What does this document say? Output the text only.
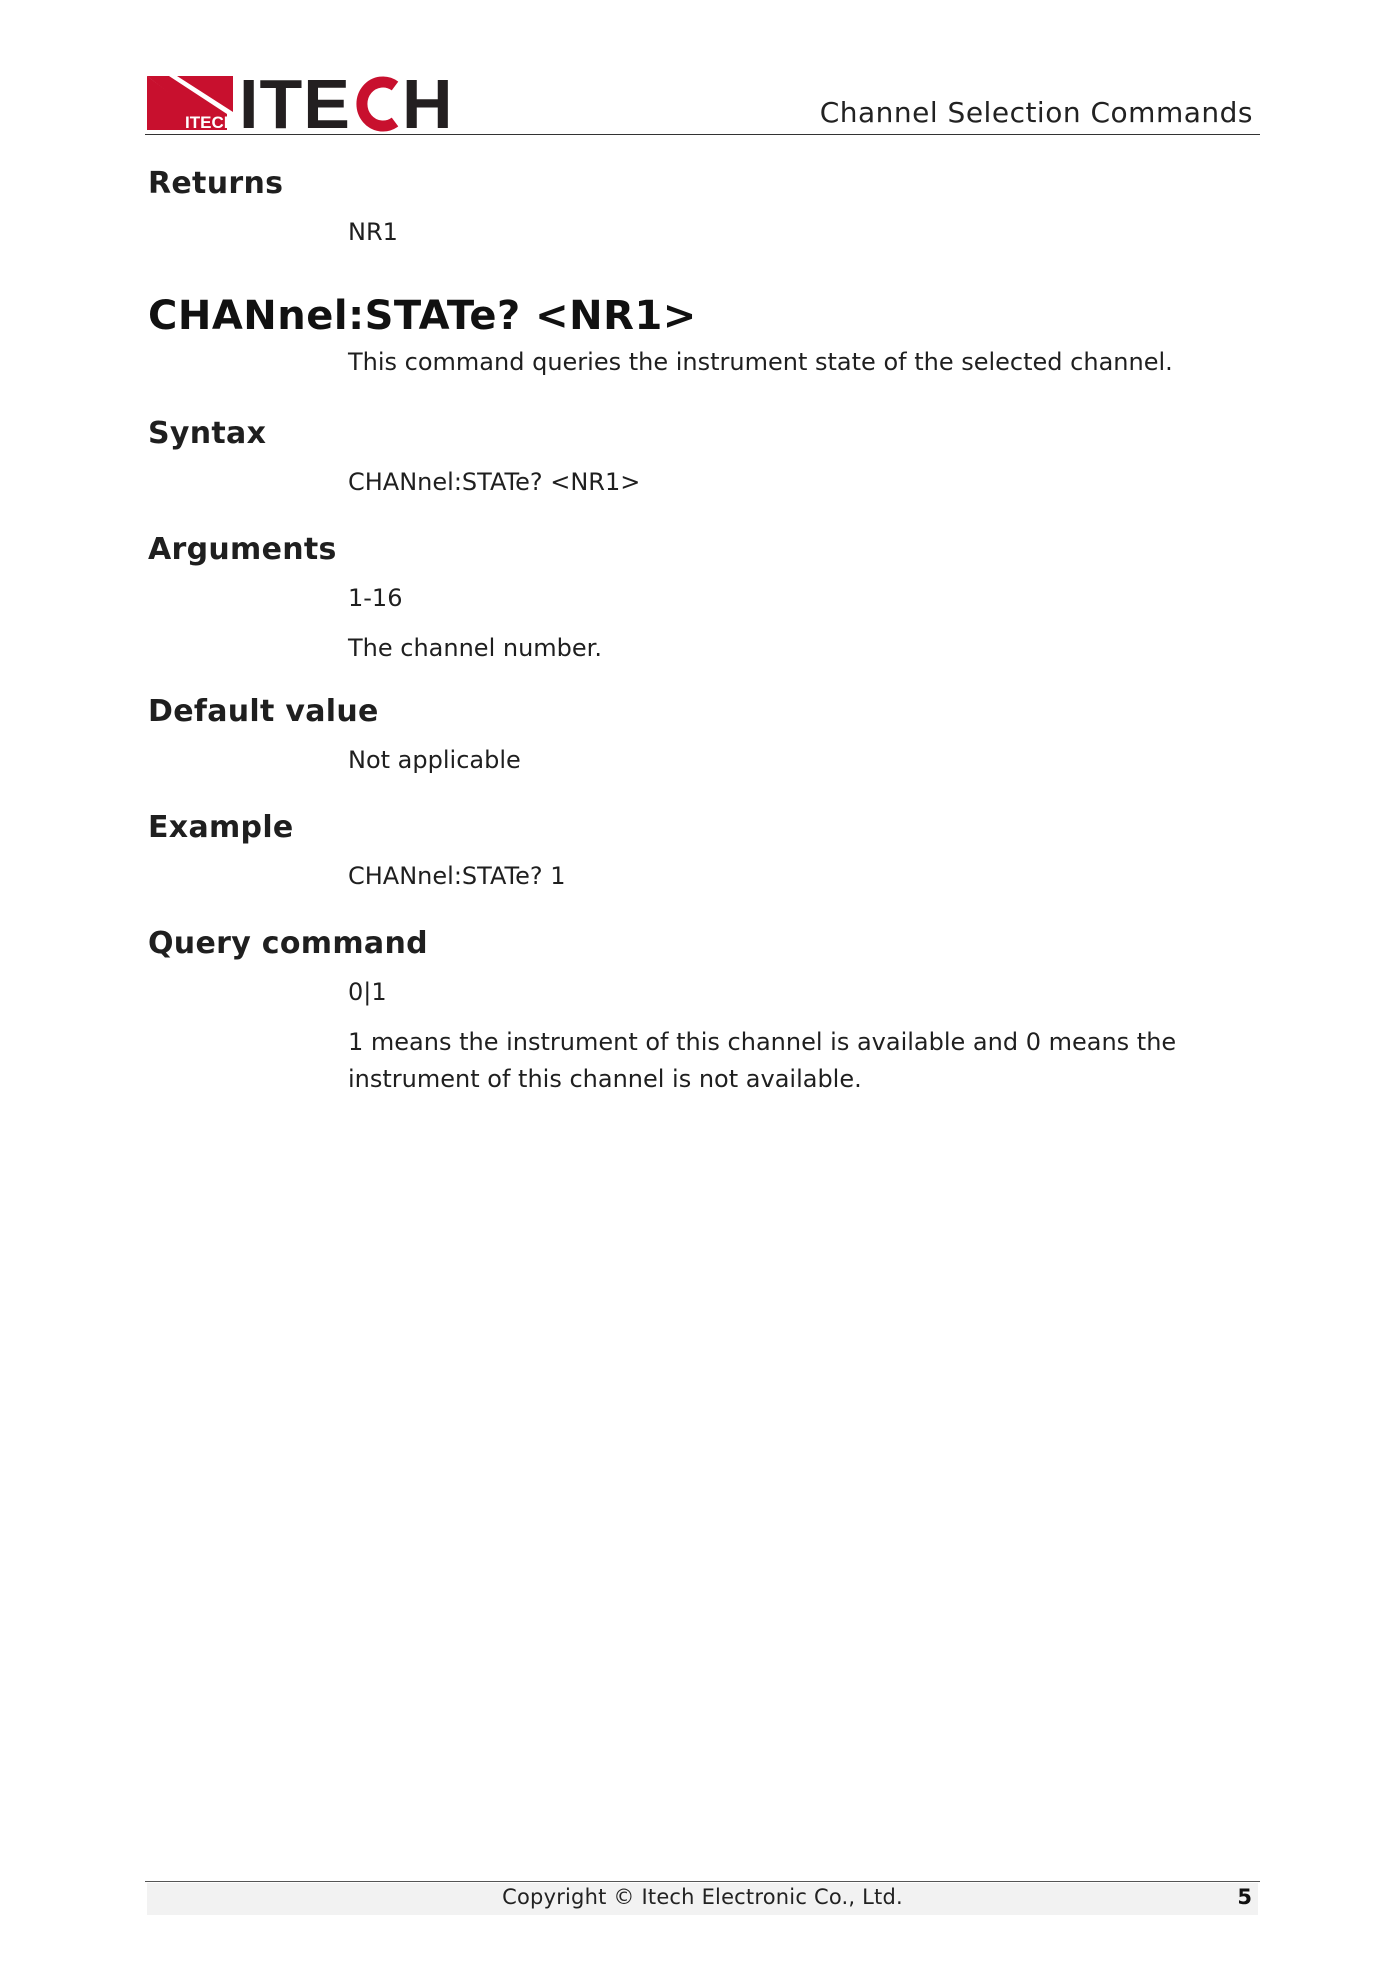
ITECH ITE H	Channel Selection Commands
Returns

NR1

CHANnel:STATe? <NR1>

This command queries the instrument state of the selected channel.

Syntax

CHANnel:STATe? <NR1>

Arguments

1-16

The channel number.

Default value

Not applicable

Example

CHANnel:STATe? 1

Query command

0|1

1 means the instrument of this channel is available and 0 means the instrument of this channel is not available.

Copyright © Itech Electronic Co., Ltd.	5
